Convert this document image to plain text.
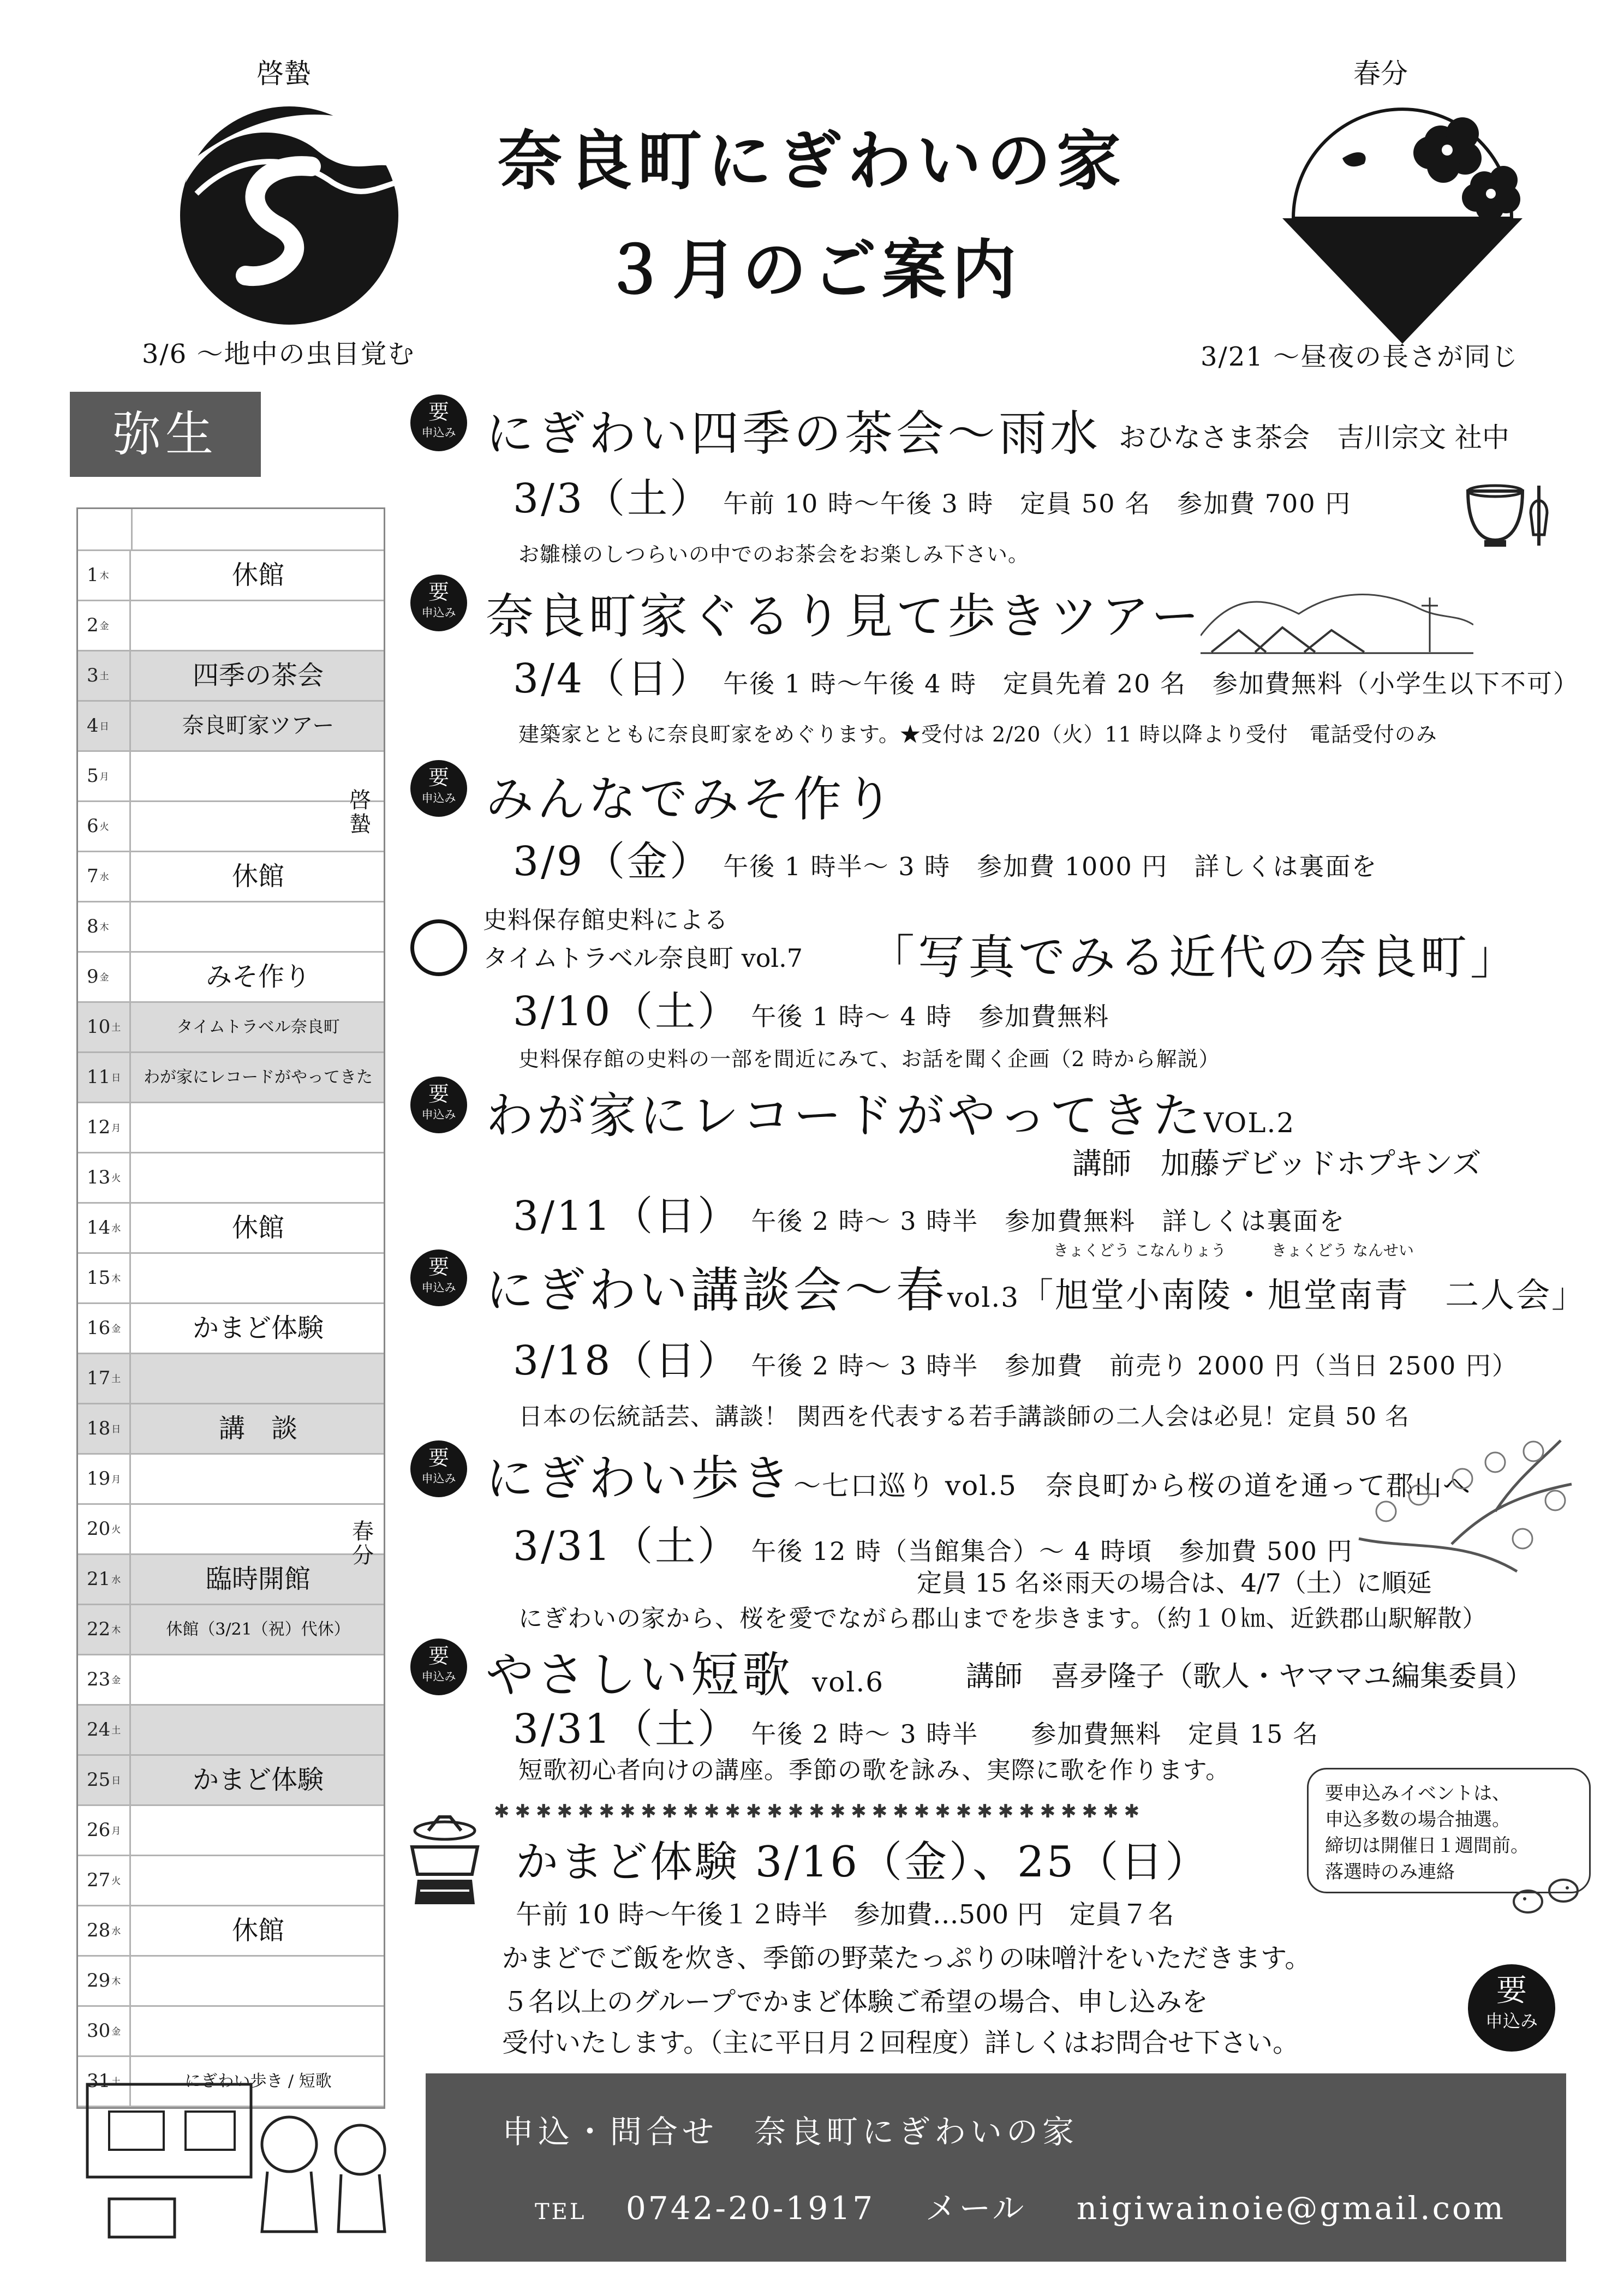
啓蟄
3/6 ～地中の虫目覚む
奈良町にぎわいの家
３月のご案内
春分
3/21 ～昼夜の長さが同じ
弥生
1 木	休館
2 金
3 土	四季の茶会
4 日	奈良町家ツアー
5 月
6 火
7 水	休館
8 木
9 金	みそ作り
10 土	タイムトラベル奈良町
11 日	わが家にレコードがやってきた
12 月
13 火
14 水	休館
15 木
16 金	かまど体験
17 土
18 日	講　談
19 月
20 火
21 水	臨時開館
22 木	休館（3/21（祝）代休）
23 金
24 土
25 日	かまど体験
26 月
27 火
28 水	休館
29 木
30 金
31 土	にぎわい歩き / 短歌
啓蟄
春分
要
申込み にぎわい四季の茶会～雨水 おひなさま茶会　吉川宗文 社中
3/3（土） 午前 10 時～午後 3 時　定員 50 名　参加費 700 円
お雛様のしつらいの中でのお茶会をお楽しみ下さい。
要
申込み 奈良町家ぐるり見て歩きツアー
3/4（日） 午後 1 時～午後 4 時　定員先着 20 名　参加費無料（小学生以下不可）
建築家とともに奈良町家をめぐります。★受付は 2/20（火）11 時以降より受付　電話受付のみ
要
申込み みんなでみそ作り
3/9（金） 午後 1 時半～ 3 時　参加費 1000 円　詳しくは裏面を
史料保存館史料による
タイムトラベル奈良町 vol.7 「写真でみる近代の奈良町」
3/10（土） 午後 1 時～ 4 時　参加費無料
史料保存館の史料の一部を間近にみて、お話を聞く企画（2 時から解説）
要
申込み わが家にレコードがやってきたVOL.2
講師　加藤デビッドホプキンズ
3/11（日） 午後 2 時～ 3 時半　参加費無料　詳しくは裏面を
要
申込み
きょくどう こなんりょう	きょくどう なんせい
にぎわい講談会～春vol.3「旭堂小南陵・旭堂南青　二人会」
3/18（日） 午後 2 時～ 3 時半　参加費　前売り 2000 円（当日 2500 円）
日本の伝統話芸、講談！ 関西を代表する若手講談師の二人会は必見！定員 50 名
要
申込み にぎわい歩き～七口巡り vol.5　奈良町から桜の道を通って郡山へ
3/31（土） 午後 12 時（当館集合）～ 4 時頃　参加費 500 円
定員 15 名※雨天の場合は、4/7（土）に順延
にぎわいの家から、桜を愛でながら郡山までを歩きます。（約１０㎞、近鉄郡山駅解散）
要
申込み やさしい短歌 vol.6	講師　喜夛隆子（歌人・ヤママユ編集委員）
3/31（土） 午後 2 時～ 3 時半　　参加費無料　定員 15 名
短歌初心者向けの講座。季節の歌を詠み、実際に歌を作ります。
要申込みイベントは、
申込多数の場合抽選。
締切は開催日１週間前。
落選時のみ連絡
✱✱✱✱✱✱✱✱✱✱✱✱✱✱✱✱✱✱✱✱✱✱✱✱✱✱✱✱✱✱✱
かまど体験 3/16（金）、25（日）
午前 10 時～午後１２時半　参加費…500 円　定員７名
かまどでご飯を炊き、季節の野菜たっぷりの味噌汁をいただきます。
５名以上のグループでかまど体験ご希望の場合、申し込みを
受付いたします。（主に平日月２回程度）詳しくはお問合せ下さい。
要
申込み
申込・問合せ　奈良町にぎわいの家
TEL 0742-20-1917 メール nigiwainoie@gmail.com
